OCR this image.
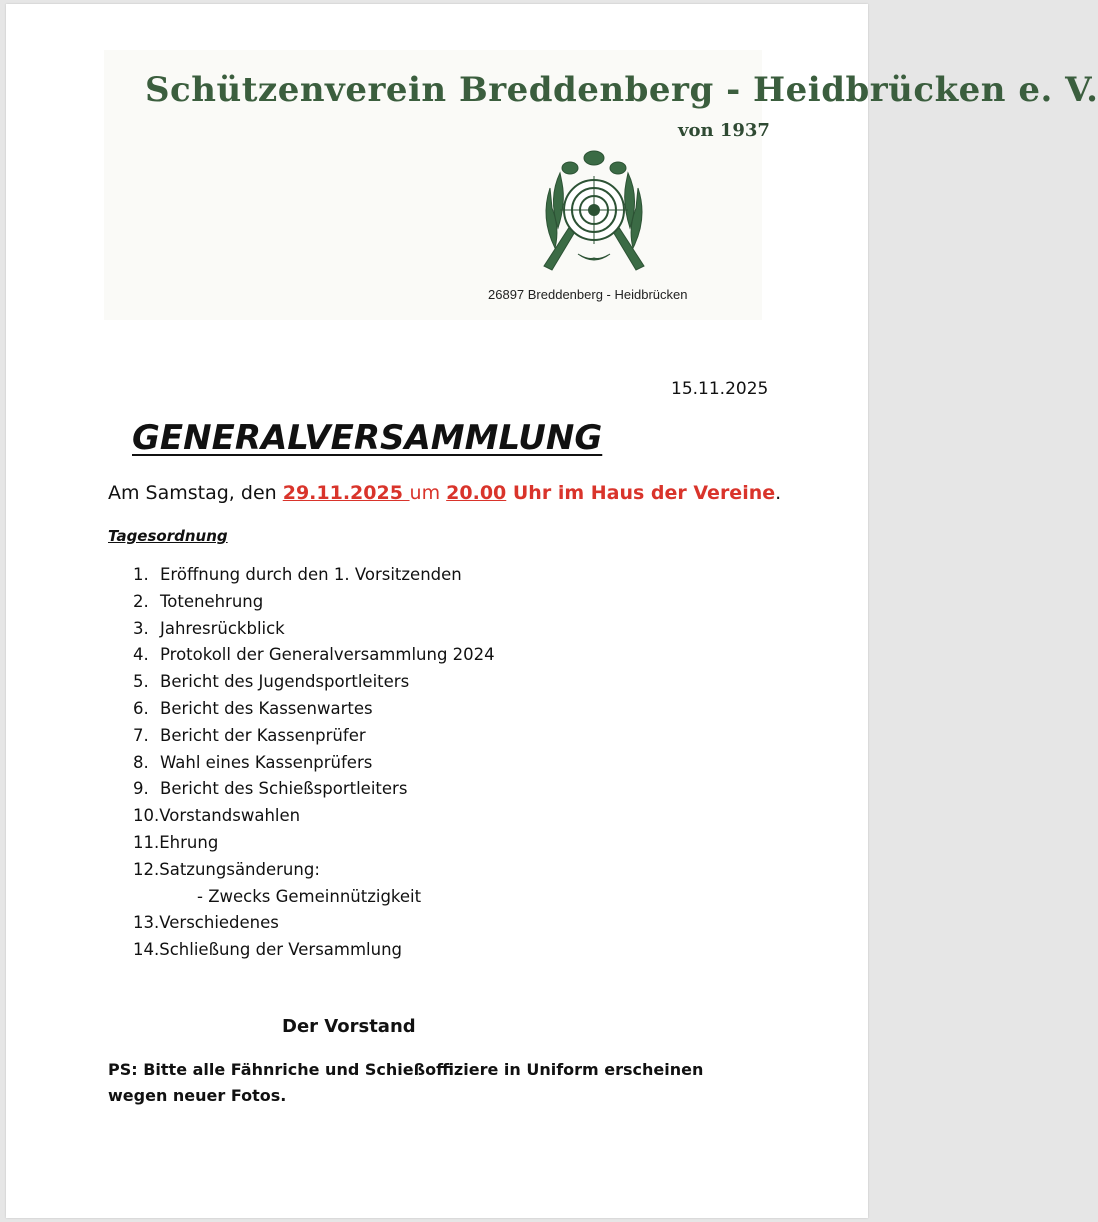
Schützenverein Breddenberg - Heidbrücken e. V.
von 1937
26897 Breddenberg - Heidbrücken
15.11.2025
GENERALVERSAMMLUNG
Am Samstag, den 29.11.2025 um 20.00 Uhr im Haus der Vereine.
Tagesordnung
1. Eröffnung durch den 1. Vorsitzenden
2. Totenehrung
3. Jahresrückblick
4. Protokoll der Generalversammlung 2024
5. Bericht des Jugendsportleiters
6. Bericht des Kassenwartes
7. Bericht der Kassenprüfer
8. Wahl eines Kassenprüfers
9. Bericht des Schießsportleiters
10.Vorstandswahlen
11.Ehrung
12.Satzungsänderung:
- Zwecks Gemeinnützigkeit
13.Verschiedenes
14.Schließung der Versammlung
Der Vorstand
PS: Bitte alle Fähnriche und Schießoffiziere in Uniform erscheinen wegen neuer Fotos.
